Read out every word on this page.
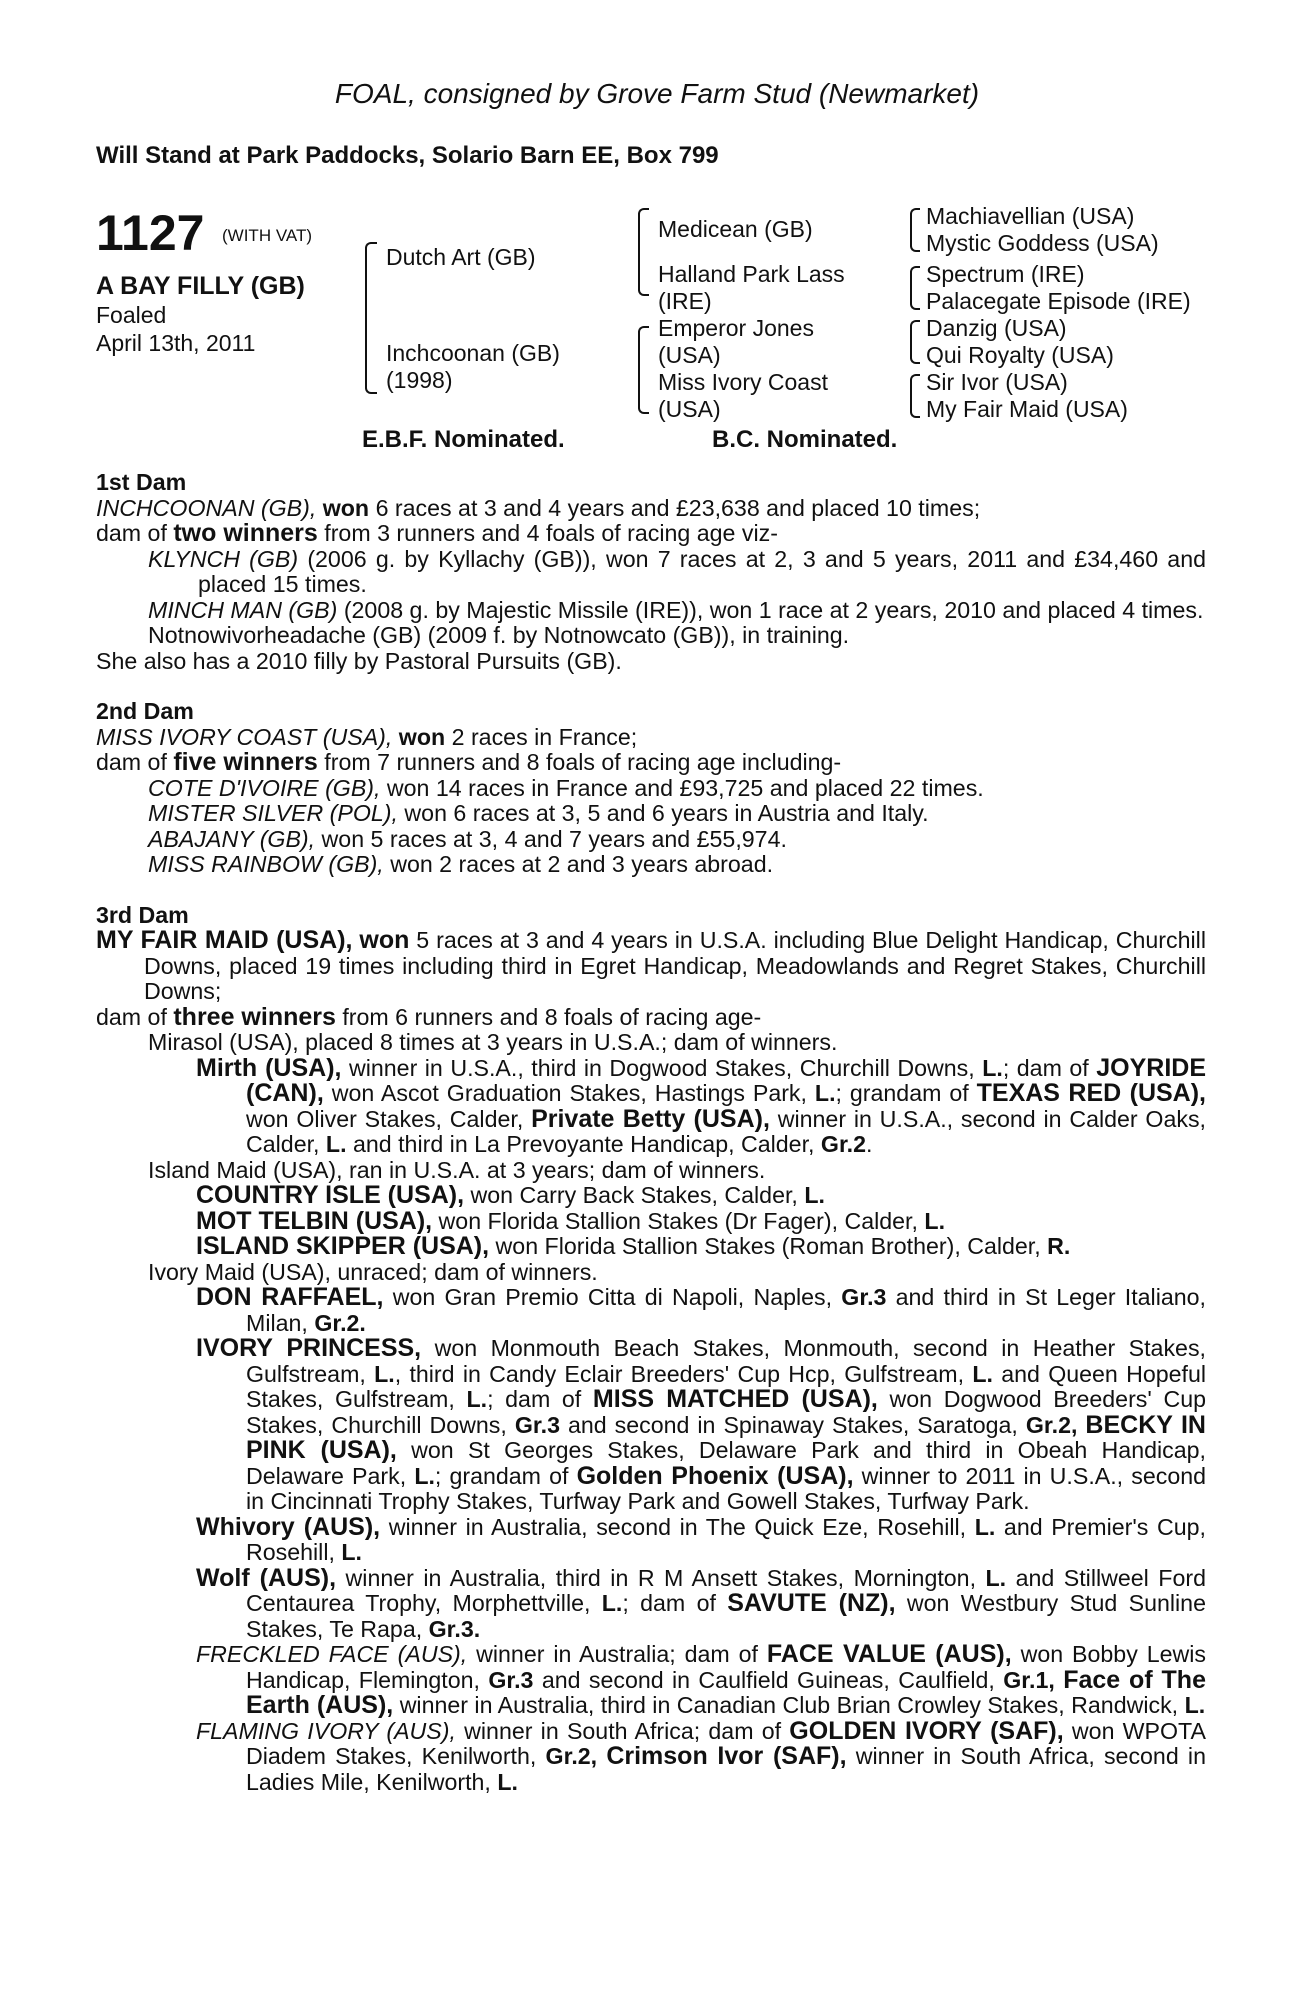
FOAL, consigned by Grove Farm Stud (Newmarket)
Will Stand at Park Paddocks, Solario Barn EE, Box 799
1127 (WITH VAT)
A BAY FILLY (GB)
Foaled
April 13th, 2011
Dutch Art (GB)
Inchcoonan (GB)
(1998)
Medicean (GB)
Halland Park Lass
(IRE)
Emperor Jones
(USA)
Miss Ivory Coast
(USA)
Machiavellian (USA)
Mystic Goddess (USA)
Spectrum (IRE)
Palacegate Episode (IRE)
Danzig (USA)
Qui Royalty (USA)
Sir Ivor (USA)
My Fair Maid (USA)
E.B.F. Nominated.	B.C. Nominated.

1st Dam

INCHCOONAN (GB), won 6 races at 3 and 4 years and £23,638 and placed 10 times;

dam of two winners from 3 runners and 4 foals of racing age viz-

KLYNCH (GB) (2006 g. by Kyllachy (GB)), won 7 races at 2, 3 and 5 years, 2011 and £34,460 and placed 15 times.

MINCH MAN (GB) (2008 g. by Majestic Missile (IRE)), won 1 race at 2 years, 2010 and placed 4 times.

Notnowivorheadache (GB) (2009 f. by Notnowcato (GB)), in training.

She also has a 2010 filly by Pastoral Pursuits (GB).

2nd Dam

MISS IVORY COAST (USA), won 2 races in France;

dam of five winners from 7 runners and 8 foals of racing age including-

COTE D'IVOIRE (GB), won 14 races in France and £93,725 and placed 22 times.

MISTER SILVER (POL), won 6 races at 3, 5 and 6 years in Austria and Italy.

ABAJANY (GB), won 5 races at 3, 4 and 7 years and £55,974.

MISS RAINBOW (GB), won 2 races at 2 and 3 years abroad.

3rd Dam

MY FAIR MAID (USA), won 5 races at 3 and 4 years in U.S.A. including Blue Delight Handicap, Churchill Downs, placed 19 times including third in Egret Handicap, Meadowlands and Regret Stakes, Churchill Downs;

dam of three winners from 6 runners and 8 foals of racing age-

Mirasol (USA), placed 8 times at 3 years in U.S.A.; dam of winners.

Mirth (USA), winner in U.S.A., third in Dogwood Stakes, Churchill Downs, L.; dam of JOYRIDE (CAN), won Ascot Graduation Stakes, Hastings Park, L.; grandam of TEXAS RED (USA), won Oliver Stakes, Calder, Private Betty (USA), winner in U.S.A., second in Calder Oaks, Calder, L. and third in La Prevoyante Handicap, Calder, Gr.2.

Island Maid (USA), ran in U.S.A. at 3 years; dam of winners.

COUNTRY ISLE (USA), won Carry Back Stakes, Calder, L.

MOT TELBIN (USA), won Florida Stallion Stakes (Dr Fager), Calder, L.

ISLAND SKIPPER (USA), won Florida Stallion Stakes (Roman Brother), Calder, R.

Ivory Maid (USA), unraced; dam of winners.

DON RAFFAEL, won Gran Premio Citta di Napoli, Naples, Gr.3 and third in St Leger Italiano, Milan, Gr.2.

IVORY PRINCESS, won Monmouth Beach Stakes, Monmouth, second in Heather Stakes, Gulfstream, L., third in Candy Eclair Breeders' Cup Hcp, Gulfstream, L. and Queen Hopeful Stakes, Gulfstream, L.; dam of MISS MATCHED (USA), won Dogwood Breeders' Cup Stakes, Churchill Downs, Gr.3 and second in Spinaway Stakes, Saratoga, Gr.2, BECKY IN PINK (USA), won St Georges Stakes, Delaware Park and third in Obeah Handicap, Delaware Park, L.; grandam of Golden Phoenix (USA), winner to 2011 in U.S.A., second in Cincinnati Trophy Stakes, Turfway Park and Gowell Stakes, Turfway Park.

Whivory (AUS), winner in Australia, second in The Quick Eze, Rosehill, L. and Premier's Cup, Rosehill, L.

Wolf (AUS), winner in Australia, third in R M Ansett Stakes, Mornington, L. and Stillweel Ford Centaurea Trophy, Morphettville, L.; dam of SAVUTE (NZ), won Westbury Stud Sunline Stakes, Te Rapa, Gr.3.

FRECKLED FACE (AUS), winner in Australia; dam of FACE VALUE (AUS), won Bobby Lewis Handicap, Flemington, Gr.3 and second in Caulfield Guineas, Caulfield, Gr.1, Face of The Earth (AUS), winner in Australia, third in Canadian Club Brian Crowley Stakes, Randwick, L.

FLAMING IVORY (AUS), winner in South Africa; dam of GOLDEN IVORY (SAF), won WPOTA Diadem Stakes, Kenilworth, Gr.2, Crimson Ivor (SAF), winner in South Africa, second in Ladies Mile, Kenilworth, L.
